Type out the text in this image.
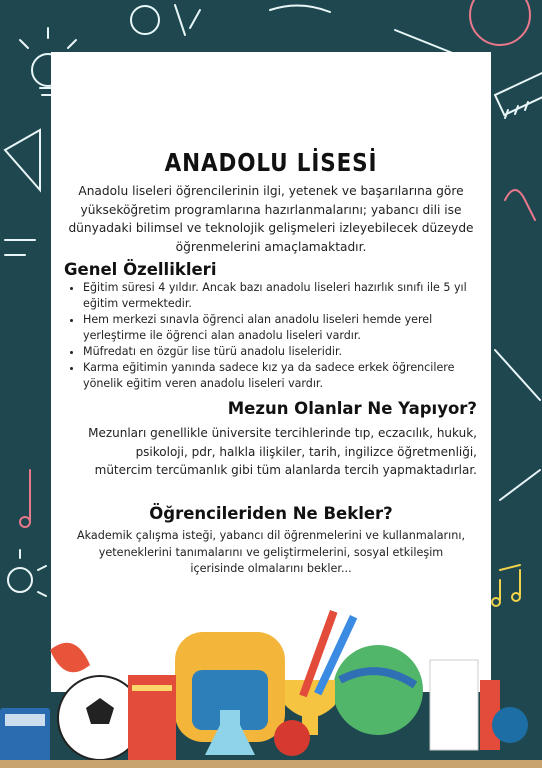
ANADOLU LİSESİ
Anadolu liseleri öğrencilerinin ilgi, yetenek ve başarılarına göre yükseköğretim programlarına hazırlanmalarını; yabancı dili ise dünyadaki bilimsel ve teknolojik gelişmeleri izleyebilecek düzeyde öğrenmelerini amaçlamaktadır.
Genel Özellikleri
• Eğitim süresi 4 yıldır. Ancak bazı anadolu liseleri hazırlık sınıfı ile 5 yıl eğitim vermektedir.
• Hem merkezi sınavla öğrenci alan anadolu liseleri hemde yerel yerleştirme ile öğrenci alan anadolu liseleri vardır.
• Müfredatı en özgür lise türü anadolu liseleridir.
• Karma eğitimin yanında sadece kız ya da sadece erkek öğrencilere yönelik eğitim veren anadolu liseleri vardır.
Mezun Olanlar Ne Yapıyor?
Mezunları genellikle üniversite tercihlerinde tıp, eczacılık, hukuk, psikoloji, pdr, halkla ilişkiler, tarih, ingilizce öğretmenliği, mütercim tercümanlık gibi tüm alanlarda tercih yapmaktadırlar.
Öğrencileriden Ne Bekler?
Akademik çalışma isteği, yabancı dil öğrenmelerini ve kullanmalarını, yeteneklerini tanımalarını ve geliştirmelerini, sosyal etkileşim içerisinde olmalarını bekler...
